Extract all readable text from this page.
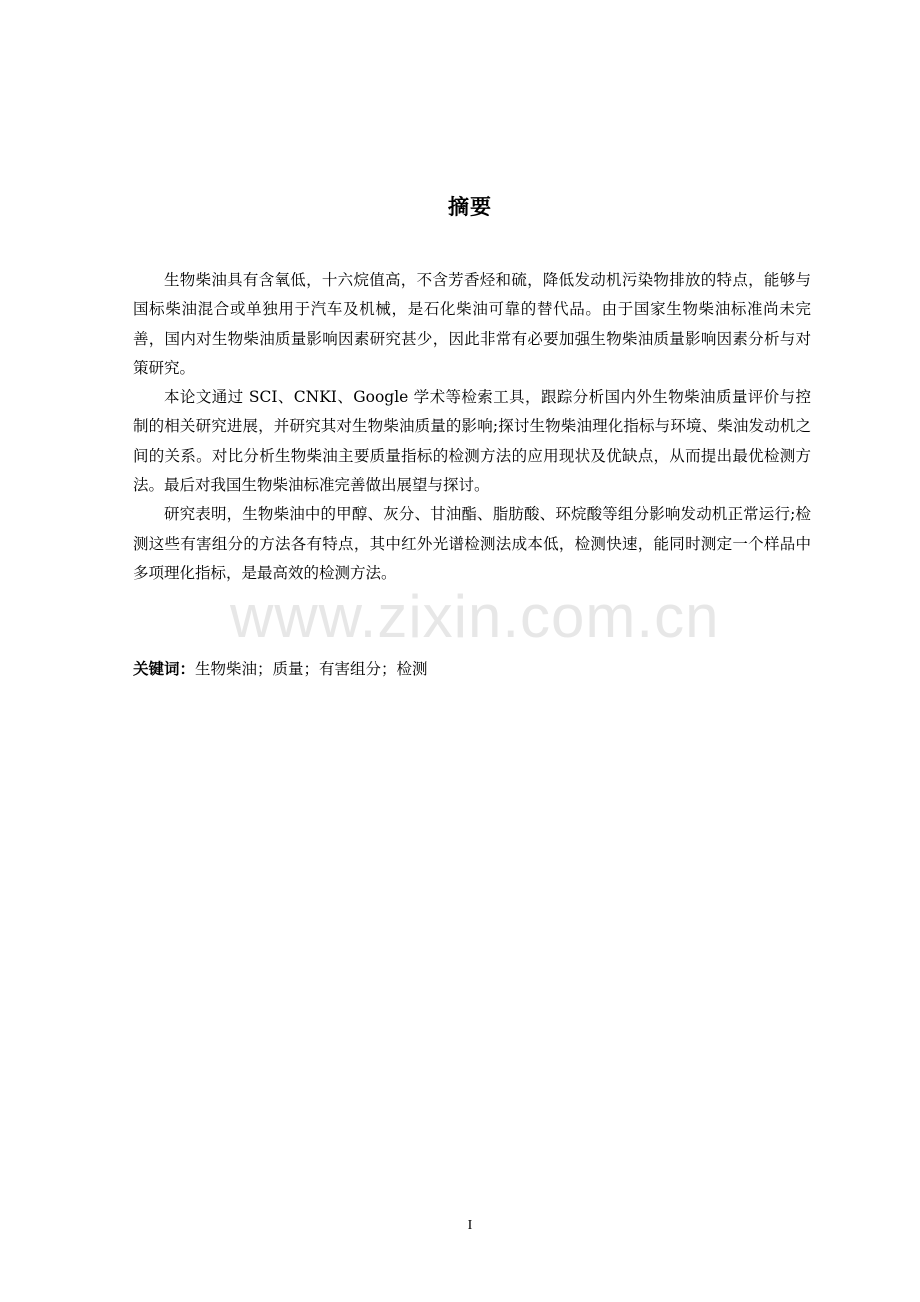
摘要

生物柴油具有含氧低，十六烷值高，不含芳香烃和硫，降低发动机污染物排放的特点，能够与国标柴油混合或单独用于汽车及机械，是石化柴油可靠的替代品。由于国家生物柴油标准尚未完善，国内对生物柴油质量影响因素研究甚少，因此非常有必要加强生物柴油质量影响因素分析与对策研究。

本论文通过 SCI、CNKI、Google 学术等检索工具，跟踪分析国内外生物柴油质量评价与控制的相关研究进展，并研究其对生物柴油质量的影响;探讨生物柴油理化指标与环境、柴油发动机之间的关系。对比分析生物柴油主要质量指标的检测方法的应用现状及优缺点，从而提出最优检测方法。最后对我国生物柴油标准完善做出展望与探讨。

研究表明，生物柴油中的甲醇、灰分、甘油酯、脂肪酸、环烷酸等组分影响发动机正常运行;检测这些有害组分的方法各有特点，其中红外光谱检测法成本低，检测快速，能同时测定一个样品中多项理化指标，是最高效的检测方法。

关键词：生物柴油；质量；有害组分；检测
www.zixin.com.cn
I
